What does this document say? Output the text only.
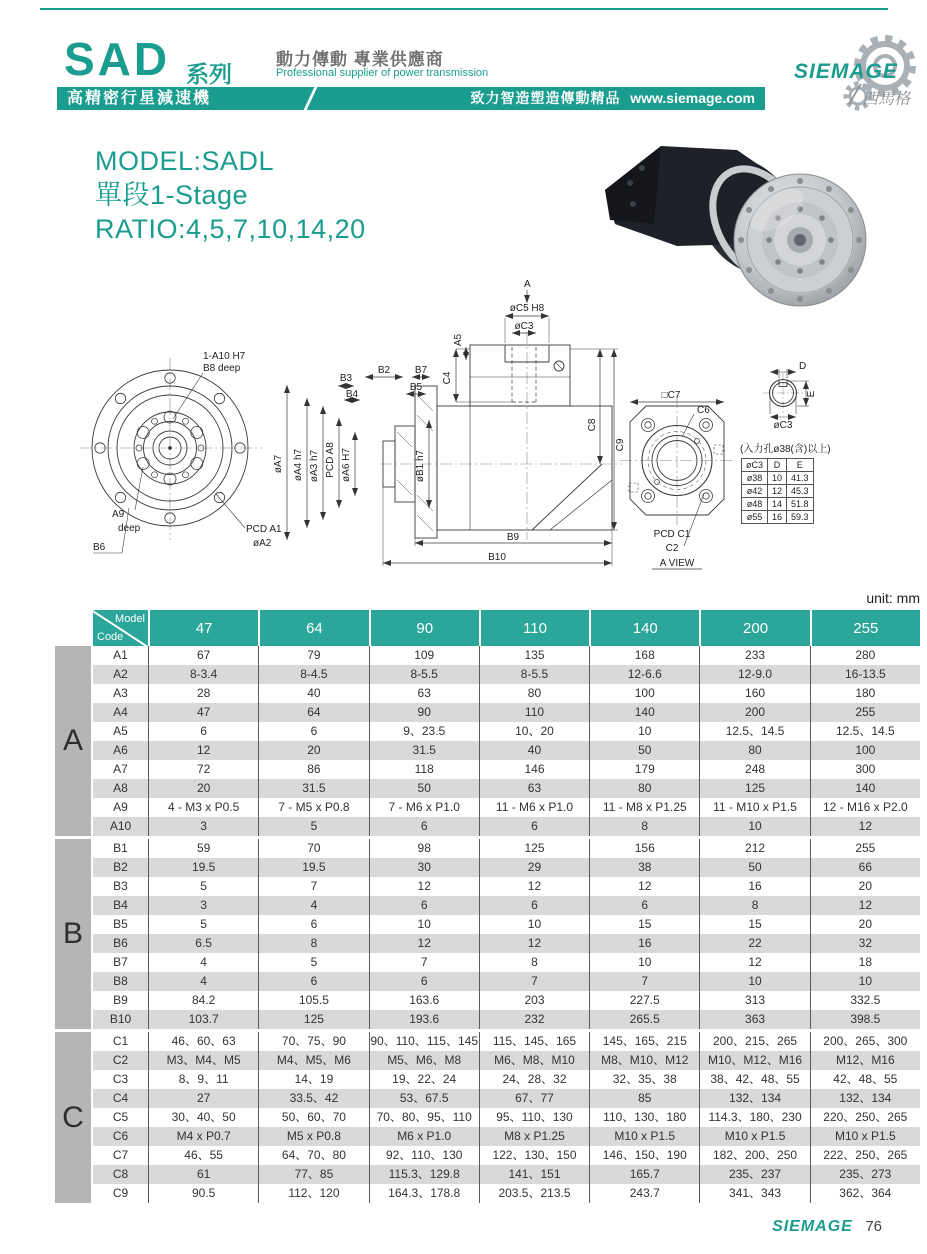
SAD 系列
動力傳動 專業供應商
Professional supplier of power transmission
高精密行星減速機	致力智造塑造傳動精品 www.siemage.com
SIEMAGE
西馬格
MODEL:SADL
單段1-Stage
RATIO:4,5,7,10,14,20
1-A10 H7
B8 deep
A9
deep
B6
PCD A1
øA2
A
øC5 H8
øC3
A5
C4
B3
B2 B7
B4
B5
øA7 øA4 h7 øA3 h7 PCD A8 øA6 H7	øB1 h7
C8
C9
B9
B10
□C7
C6
PCD C1
C2
A VIEW
D
E
øC3
(入力孔ø38(含)以上)
øC3	D	E
ø38	10	41.3
ø42	12	45.3
ø48	14	51.8
ø55	16	59.3
unit: mm
Model
Code
47	64	90	110	140	200	255
A
A1	67	79	109	135	168	233	280
A2	8-3.4	8-4.5	8-5.5	8-5.5	12-6.6	12-9.0	16-13.5
A3	28	40	63	80	100	160	180
A4	47	64	90	110	140	200	255
A5	6	6	9、23.5	10、20	10	12.5、14.5	12.5、14.5
A6	12	20	31.5	40	50	80	100
A7	72	86	118	146	179	248	300
A8	20	31.5	50	63	80	125	140
A9	4 - M3 x P0.5	7 - M5 x P0.8	7 - M6 x P1.0	11 - M6 x P1.0	11 - M8 x P1.25	11 - M10 x P1.5	12 - M16 x P2.0
A10	3	5	6	6	8	10	12
B
B1	59	70	98	125	156	212	255
B2	19.5	19.5	30	29	38	50	66
B3	5	7	12	12	12	16	20
B4	3	4	6	6	6	8	12
B5	5	6	10	10	15	15	20
B6	6.5	8	12	12	16	22	32
B7	4	5	7	8	10	12	18
B8	4	6	6	7	7	10	10
B9	84.2	105.5	163.6	203	227.5	313	332.5
B10	103.7	125	193.6	232	265.5	363	398.5
C
C1	46、60、63	70、75、90	90、110、115、145	115、145、165	145、165、215	200、215、265	200、265、300
C2	M3、M4、M5	M4、M5、M6	M5、M6、M8	M6、M8、M10	M8、M10、M12	M10、M12、M16	M12、M16
C3	8、9、11	14、19	19、22、24	24、28、32	32、35、38	38、42、48、55	42、48、55
C4	27	33.5、42	53、67.5	67、77	85	132、134	132、134
C5	30、40、50	50、60、70	70、80、95、110	95、110、130	110、130、180	114.3、180、230	220、250、265
C6	M4 x P0.7	M5 x P0.8	M6 x P1.0	M8 x P1.25	M10 x P1.5	M10 x P1.5	M10 x P1.5
C7	46、55	64、70、80	92、110、130	122、130、150	146、150、190	182、200、250	222、250、265
C8	61	77、85	115.3、129.8	141、151	165.7	235、237	235、273
C9	90.5	112、120	164.3、178.8	203.5、213.5	243.7	341、343	362、364
SIEMAGE 76
